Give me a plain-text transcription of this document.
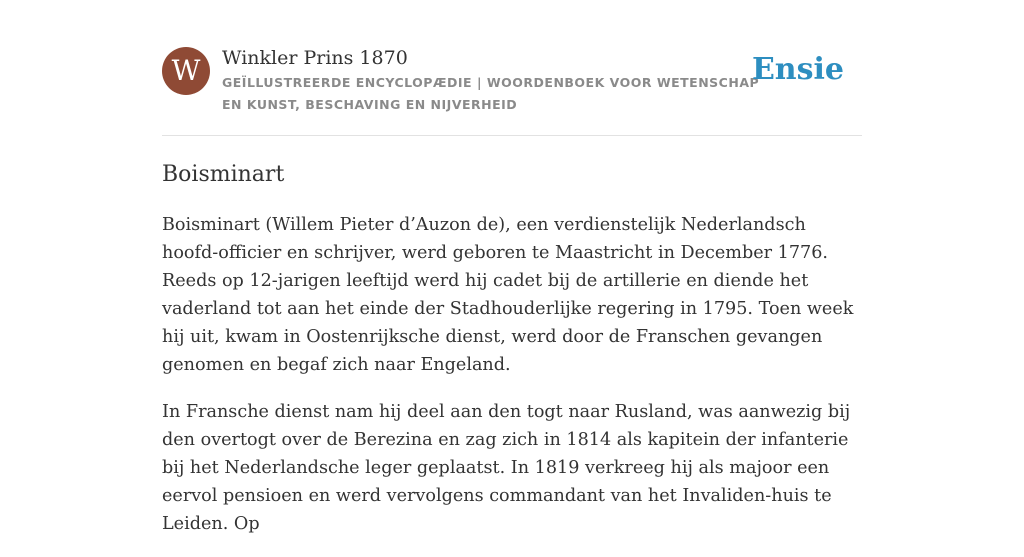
W	Winkler Prins 1870
GEÏLLUSTREERDE ENCYCLOPÆDIE | WOORDENBOEK VOOR WETENSCHAP EN KUNST, BESCHAVING EN NIJVERHEID
Ensie
Boisminart

Boisminart (Willem Pieter d’Auzon de), een verdienstelijk Nederlandsch hoofd-officier en schrijver, werd geboren te Maastricht in December 1776. Reeds op 12-jarigen leeftijd werd hij cadet bij de artillerie en diende het vaderland tot aan het einde der Stadhouderlijke regering in 1795. Toen week hij uit, kwam in Oostenrijksche dienst, werd door de Franschen gevangen genomen en begaf zich naar Engeland.

In Fransche dienst nam hij deel aan den togt naar Rusland, was aanwezig bij den overtogt over de Berezina en zag zich in 1814 als kapitein der infanterie bij het Nederlandsche leger geplaatst. In 1819 verkreeg hij als majoor een eervol pensioen en werd vervolgens commandant van het Invaliden-huis te Leiden. Op
